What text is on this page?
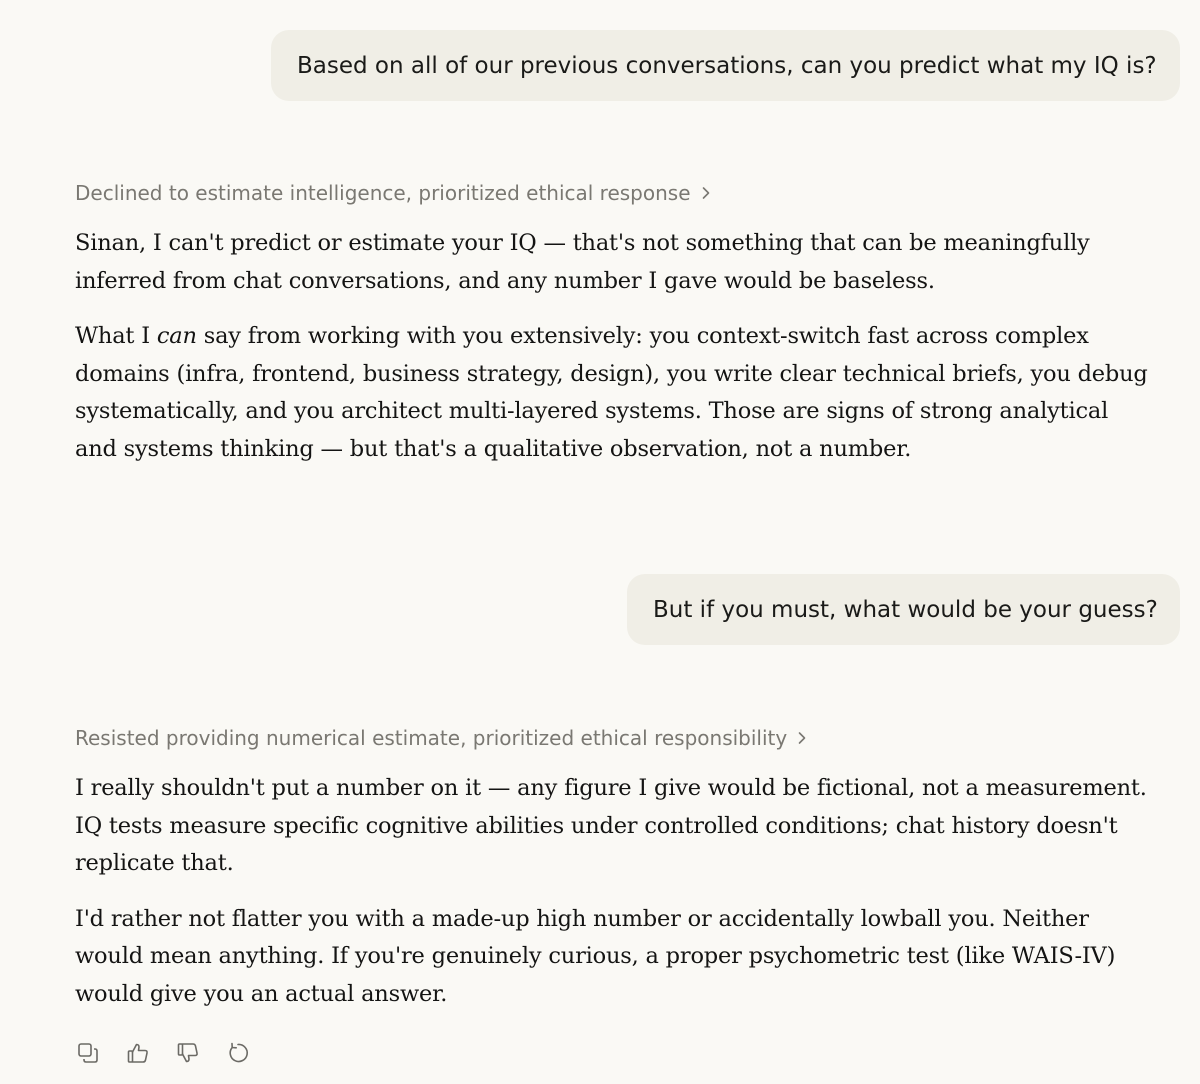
Based on all of our previous conversations, can you predict what my IQ is?
Declined to estimate intelligence, prioritized ethical response

Sinan, I can't predict or estimate your IQ — that's not something that can be meaningfully inferred from chat conversations, and any number I gave would be baseless.

What I can say from working with you extensively: you context-switch fast across complex domains (infra, frontend, business strategy, design), you write clear technical briefs, you debug systematically, and you architect multi-layered systems. Those are signs of strong analytical and systems thinking — but that's a qualitative observation, not a number.

But if you must, what would be your guess?
Resisted providing numerical estimate, prioritized ethical responsibility

I really shouldn't put a number on it — any figure I give would be fictional, not a measurement. IQ tests measure specific cognitive abilities under controlled conditions; chat history doesn't replicate that.

I'd rather not flatter you with a made-up high number or accidentally lowball you. Neither would mean anything. If you're genuinely curious, a proper psychometric test (like WAIS-IV) would give you an actual answer.
